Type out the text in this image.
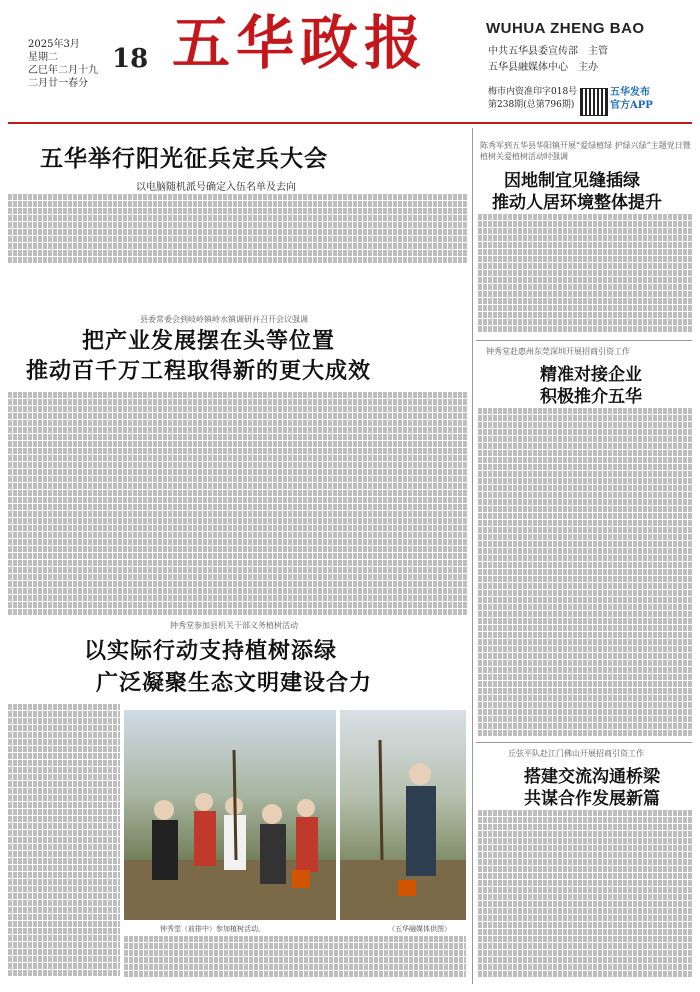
2025年3月
星期二
乙巳年二月十九
二月廿一春分
18 五华政报	WUHUA ZHENG BAO
中共五华县委宣传部　主管
五华县融媒体中心　主办
梅市内资准印字018号
第238期(总第796期)
五华发布
官方APP
五华举行阳光征兵定兵大会
以电脑随机派号确定入伍名单及去向
县委常委会到岐岭镇岭水镇调研并召开会议强调
把产业发展摆在头等位置
推动百千万工程取得新的更大成效
钟秀堂参加县机关干部义务植树活动
以实际行动支持植树添绿
广泛凝聚生态文明建设合力
钟秀堂（前排中）参加植树活动。	（五华融媒体供图）
陈秀军到五华县华阳镇开展“爱绿植绿 护绿兴绿”主题党日暨植树关爱植树活动时强调
因地制宜见缝插绿
推动人居环境整体提升
钟秀堂赴惠州东莞深圳开展招商引资工作
精准对接企业
积极推介五华
丘弦平队赴江门佛山开展招商引资工作
搭建交流沟通桥梁
共谋合作发展新篇
